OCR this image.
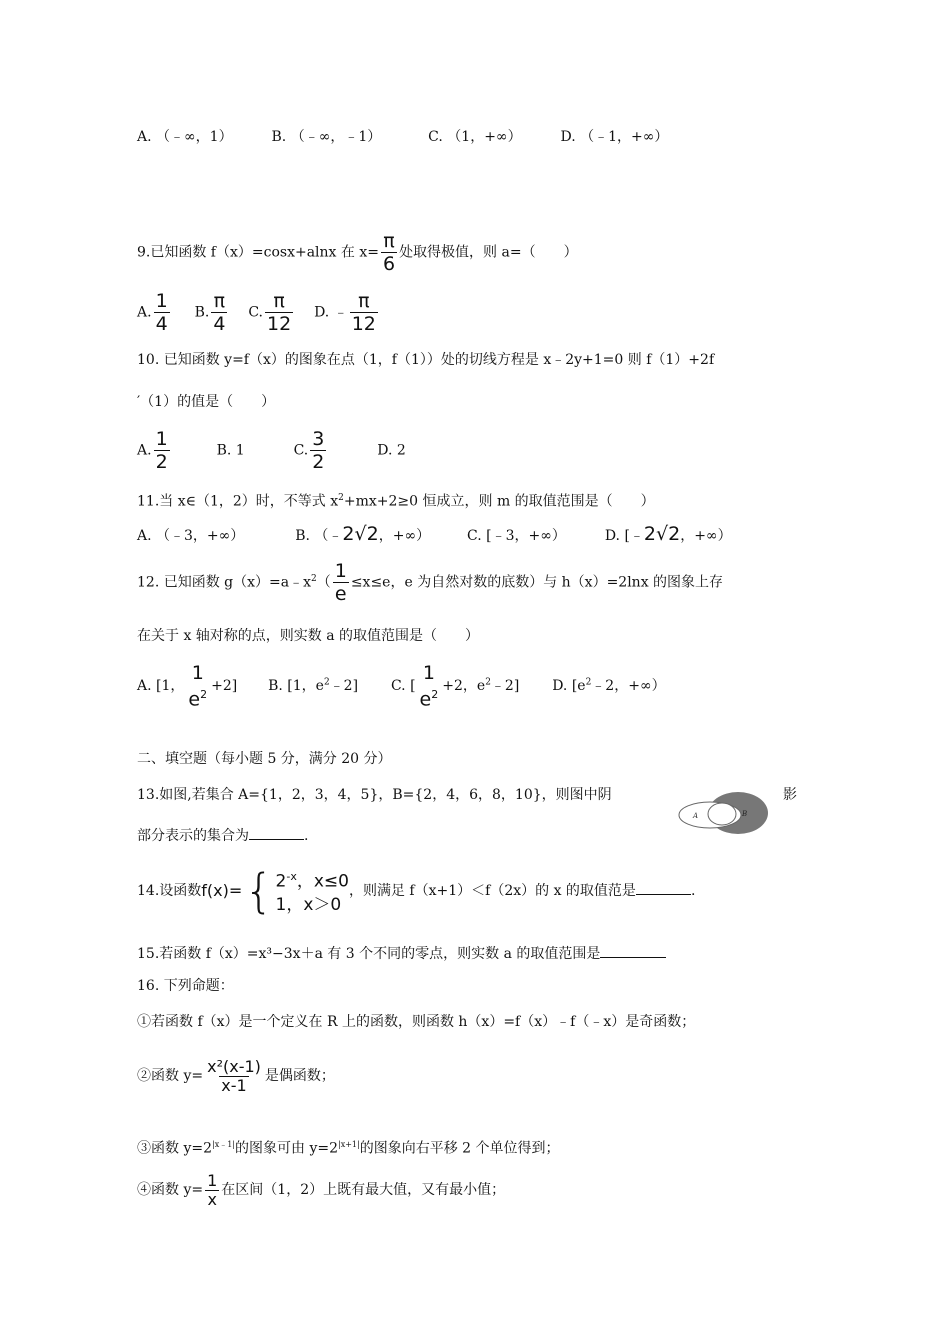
A. （﹣∞，1）	B. （﹣∞，﹣1）	C. （1，+∞）	D. （﹣1，+∞）
9.已知函数 f（x）=cosx+alnx 在 $x= \frac{\pi}{6}$ 处取得极值，则 a=（　　）
A. $\frac{1}{4} B$. $\frac{\pi}{4} C$. $\frac{\pi}{12} D$. ﹣ $\frac{\pi}{12}$
10. 已知函数 y=f（x）的图象在点（1，f（1））处的切线方程是 x﹣2y+1=0 则 f（1）+2f
′（1）的值是（　　）
A. $\frac{1}{2}$	B. 1	C. $\frac{3}{2}$	D. 2
11.当 x∈（1，2）时，不等式 $x^2+mx+2\ge 0$ 恒成立，则 m 的取值范围是（　　）
A. （﹣3，+∞）	B. （﹣2√2，+∞）	C. [﹣3，+∞）	D. [﹣2√2，+∞）
12. 已知函数 $g(x)=a﹣x^2( \frac{1}{e} \le x\le e$，e 为自然对数的底数）与 h（x）=2lnx 的图象上存
在关于 x 轴对称的点，则实数 a 的取值范围是（　　）
A. [1，
1
$e^2$
+2] B. [1，$e^2﹣2$] C. [
1
$e^2$
+2，$e^2﹣2$] D. [$e^2﹣2$，+∞）
二、填空题（每小题 5 分，满分 20 分）
13.如图,若集合 A={1，2，3，4，5}，B={2，4，6，8，10}，则图中阴	影
部分表示的集合为	.
A	B
14.设函数 f(x)= { $2^{-x}$，x≤0
1，x＞0
，则满足 f（x+1）＜f（2x）的 x 的取值范是	.
15.若函数 f（x）=x³−3x＋a 有 3 个不同的零点，则实数 a 的取值范围是
16. 下列命题：
①若函数 f（x）是一个定义在 R 上的函数，则函数 h（x）=f（x）﹣f（﹣x）是奇函数；
②函数 $y= \frac{\text{x²(x-1)}}{x-1}$ 是偶函数；
③函数 $y=2^{|x﹣1|}$的图象可由 $y=2^{|x+1|}$的图象向右平移 2 个单位得到；
④函数 $y= \frac{1}{x}$ 在区间（1，2）上既有最大值，又有最小值；
